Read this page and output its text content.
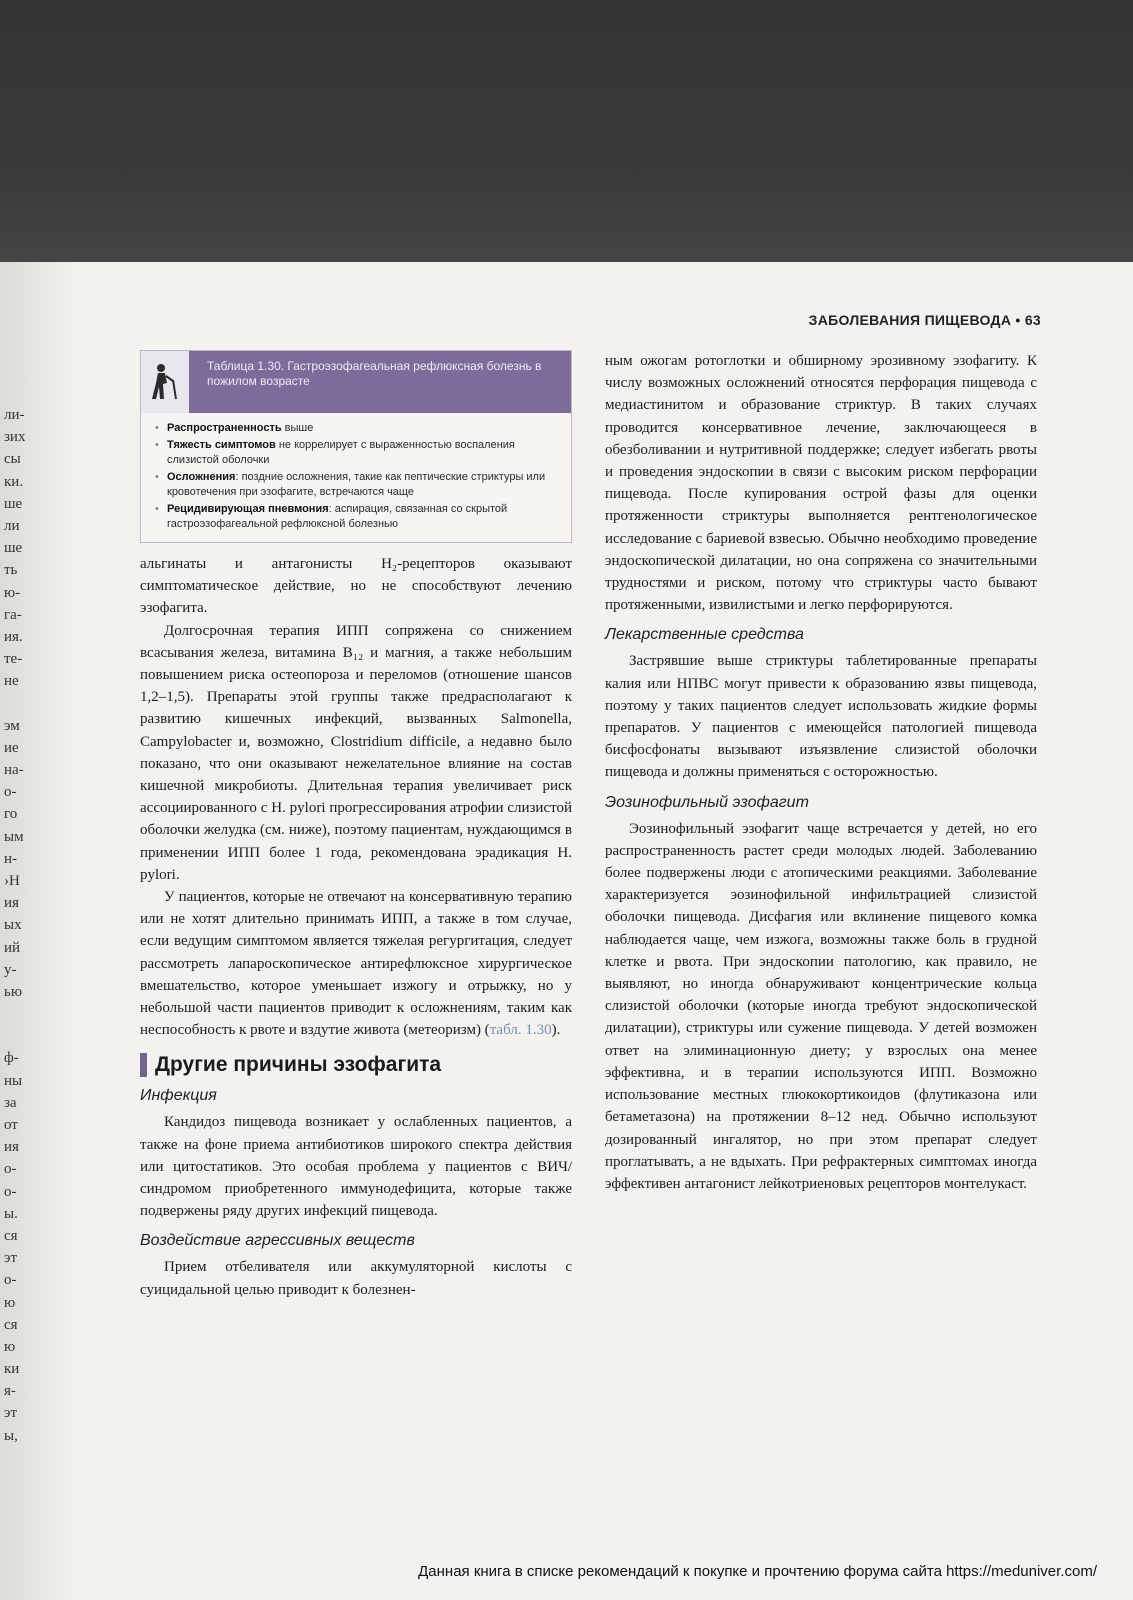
ЗАБОЛЕВАНИЯ ПИЩЕВОДА • 63
ли-
зих
сы
ки.
ше
ли
ше
ть
ю-
га-
ия.
те-
не
эм
ие
на-
о-
го
ым
н-
›Н
ия
ых
ий
у-
ью
ф-
ны
за
от
ия
о-
о-
ы.
ся
эт
о-
ю
ся
ю
ки
я-
эт
ы,
Таблица 1.30. Гастроэзофагеальная рефлюксная болезнь в пожилом возрасте
• Распространенность выше
• Тяжесть симптомов не коррелирует с выраженностью воспаления слизистой оболочки
• Осложнения: поздние осложнения, такие как пептические стриктуры или кровотечения при эзофагите, встречаются чаще
• Рецидивирующая пневмония: аспирация, связанная со скрытой гастроэзофагеальной рефлюксной болезнью

альгинаты и антагонисты H₂-рецепторов оказывают симптоматическое действие, но не способствуют лечению эзофагита.

Долгосрочная терапия ИПП сопряжена со снижением всасывания железа, витамина B₁₂ и магния, а также небольшим повышением риска остеопороза и переломов (отношение шансов 1,2–1,5). Препараты этой группы также предрасполагают к развитию кишечных инфекций, вызванных Salmonella, Campylobacter и, возможно, Clostridium difficile, а недавно было показано, что они оказывают нежелательное влияние на состав кишечной микробиоты. Длительная терапия увеличивает риск ассоциированного с H. pylori прогрессирования атрофии слизистой оболочки желудка (см. ниже), поэтому пациентам, нуждающимся в применении ИПП более 1 года, рекомендована эрадикация H. pylori.

У пациентов, которые не отвечают на консервативную терапию или не хотят длительно принимать ИПП, а также в том случае, если ведущим симптомом является тяжелая регургитация, следует рассмотреть лапароскопическое антирефлюксное хирургическое вмешательство, которое уменьшает изжогу и отрыжку, но у небольшой части пациентов приводит к осложнениям, таким как неспособность к рвоте и вздутие живота (метеоризм) (табл. 1.30).

Другие причины эзофагита
Инфекция

Кандидоз пищевода возникает у ослабленных пациентов, а также на фоне приема антибиотиков широкого спектра действия или цитостатиков. Это особая проблема у пациентов с ВИЧ/синдромом приобретенного иммунодефицита, которые также подвержены ряду других инфекций пищевода.

Воздействие агрессивных веществ

Прием отбеливателя или аккумуляторной кислоты с суицидальной целью приводит к болезнен-

ным ожогам ротоглотки и обширному эрозивному эзофагиту. К числу возможных осложнений относятся перфорация пищевода с медиастинитом и образование стриктур. В таких случаях проводится консервативное лечение, заключающееся в обезболивании и нутритивной поддержке; следует избегать рвоты и проведения эндоскопии в связи с высоким риском перфорации пищевода. После купирования острой фазы для оценки протяженности стриктуры выполняется рентгенологическое исследование с бариевой взвесью. Обычно необходимо проведение эндоскопической дилатации, но она сопряжена со значительными трудностями и риском, потому что стриктуры часто бывают протяженными, извилистыми и легко перфорируются.

Лекарственные средства

Застрявшие выше стриктуры таблетированные препараты калия или НПВС могут привести к образованию язвы пищевода, поэтому у таких пациентов следует использовать жидкие формы препаратов. У пациентов с имеющейся патологией пищевода бисфосфонаты вызывают изъязвление слизистой оболочки пищевода и должны применяться с осторожностью.

Эозинофильный эзофагит

Эозинофильный эзофагит чаще встречается у детей, но его распространенность растет среди молодых людей. Заболеванию более подвержены люди с атопическими реакциями. Заболевание характеризуется эозинофильной инфильтрацией слизистой оболочки пищевода. Дисфагия или вклинение пищевого комка наблюдается чаще, чем изжога, возможны также боль в грудной клетке и рвота. При эндоскопии патологию, как правило, не выявляют, но иногда обнаруживают концентрические кольца слизистой оболочки (которые иногда требуют эндоскопической дилатации), стриктуры или сужение пищевода. У детей возможен ответ на элиминационную диету; у взрослых она менее эффективна, и в терапии используются ИПП. Возможно использование местных глюкокортикоидов (флутиказона или бетаметазона) на протяжении 8–12 нед. Обычно используют дозированный ингалятор, но при этом препарат следует проглатывать, а не вдыхать. При рефрактерных симптомах иногда эффективен антагонист лейкотриеновых рецепторов монтелукаст.

Данная книга в списке рекомендаций к покупке и прочтению форума сайта https://meduniver.com/
